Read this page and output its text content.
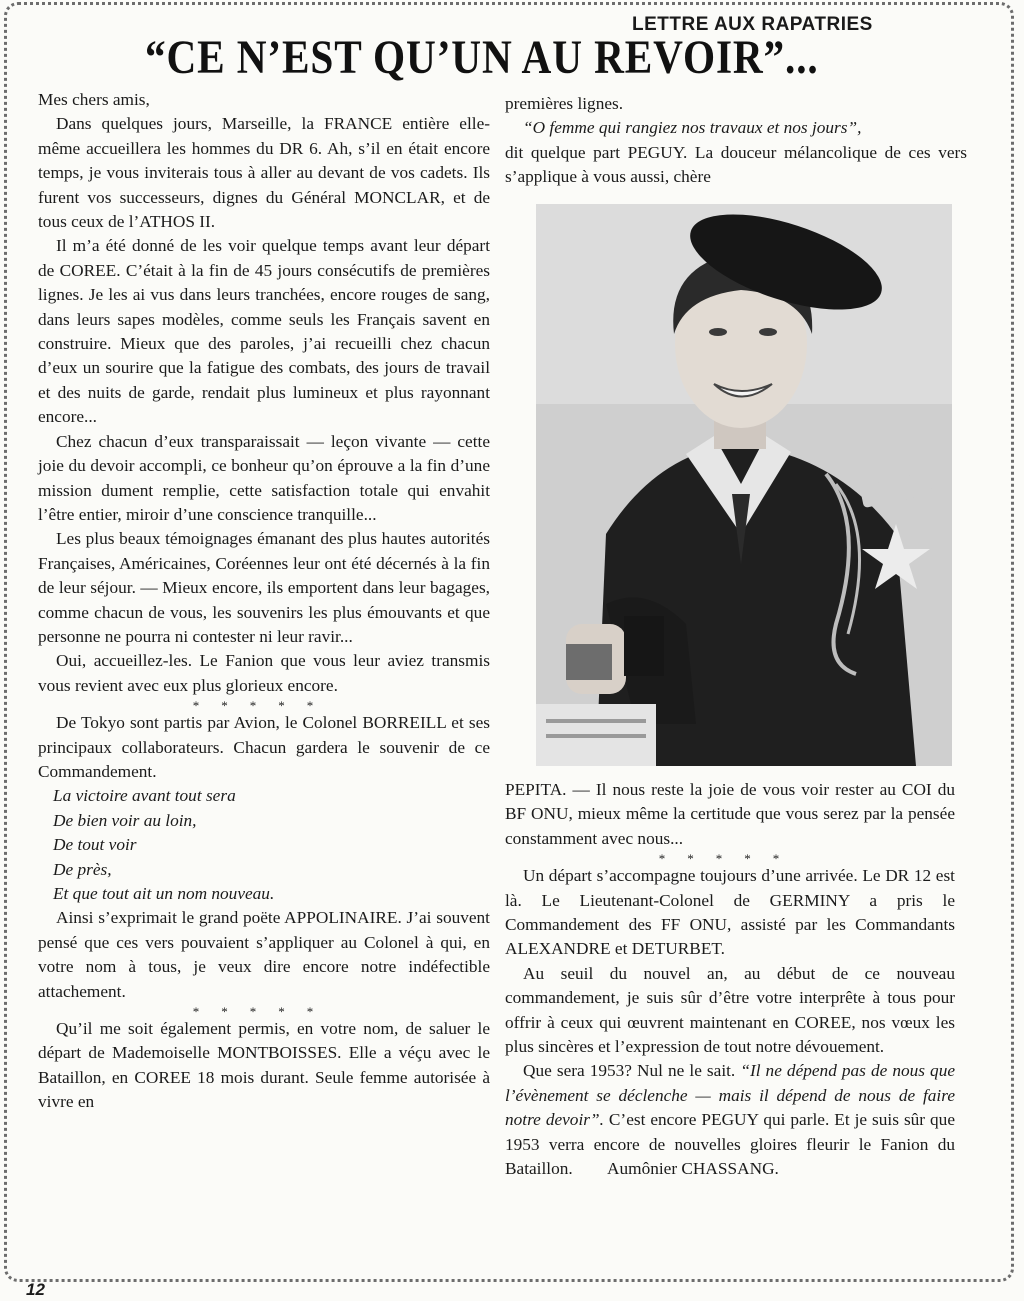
LETTRE AUX RAPATRIES
“CE N’EST QU’UN AU REVOIR”...

Mes chers amis,

Dans quelques jours, Marseille, la FRANCE entière elle-même accueillera les hommes du DR 6. Ah, s’il en était encore temps, je vous inviterais tous à aller au devant de vos cadets. Ils furent vos successeurs, dignes du Général MONCLAR, et de tous ceux de l’ATHOS II.

Il m’a été donné de les voir quelque temps avant leur départ de COREE. C’était à la fin de 45 jours consécutifs de premières lignes. Je les ai vus dans leurs tranchées, encore rouges de sang, dans leurs sapes modèles, comme seuls les Français savent en construire. Mieux que des paroles, j’ai recueilli chez chacun d’eux un sourire que la fatigue des combats, des jours de travail et des nuits de garde, rendait plus lumineux et plus rayonnant encore...

Chez chacun d’eux transparaissait — leçon vivante — cette joie du devoir accompli, ce bonheur qu’on éprouve a la fin d’une mission dument remplie, cette satisfaction totale qui envahit l’être entier, miroir d’une conscience tranquille...

Les plus beaux témoignages émanant des plus hautes autorités Françaises, Américaines, Coréennes leur ont été décernés à la fin de leur séjour. — Mieux encore, ils emportent dans leur bagages, comme chacun de vous, les souvenirs les plus émouvants et que personne ne pourra ni contester ni leur ravir...

Oui, accueillez-les. Le Fanion que vous leur aviez transmis vous revient avec eux plus glorieux encore.

*****

De Tokyo sont partis par Avion, le Colonel BORREILL et ses principaux collaborateurs. Chacun gardera le souvenir de ce Commandement.

La victoire avant tout sera
De bien voir au loin,
De tout voir
De près,
Et que tout ait un nom nouveau.

Ainsi s’exprimait le grand poëte APPOLINAIRE. J’ai souvent pensé que ces vers pouvaient s’appliquer au Colonel à qui, en votre nom à tous, je veux dire encore notre indéfectible attachement.

*****

Qu’il me soit également permis, en votre nom, de saluer le départ de Mademoiselle MONTBOISSES. Elle a véçu avec le Bataillon, en COREE 18 mois durant. Seule femme autorisée à vivre en

premières lignes.

“O femme qui rangiez nos travaux et nos jours”,

dit quelque part PEGUY. La douceur mélancolique de ces vers s’applique à vous aussi, chère

PEPITA. — Il nous reste la joie de vous voir rester au COI du BF ONU, mieux même la certitude que vous serez par la pensée constamment avec nous...

*****

Un départ s’accompagne toujours d’une arrivée. Le DR 12 est là. Le Lieutenant-Colonel de GERMINY a pris le Commandement des FF ONU, assisté par les Commandants ALEXANDRE et DETURBET.

Au seuil du nouvel an, au début de ce nouveau commandement, je suis sûr d’être votre interprête à tous pour offrir à ceux qui œuvrent maintenant en COREE, nos vœux les plus sincères et l’expression de tout notre dévouement.

Que sera 1953? Nul ne le sait. “Il ne dépend pas de nous que l’évènement se déclenche — mais il dépend de nous de faire notre devoir”. C’est encore PEGUY qui parle. Et je suis sûr que 1953 verra encore de nouvelles gloires fleurir le Fanion du Bataillon. Aumônier CHASSANG.

12
